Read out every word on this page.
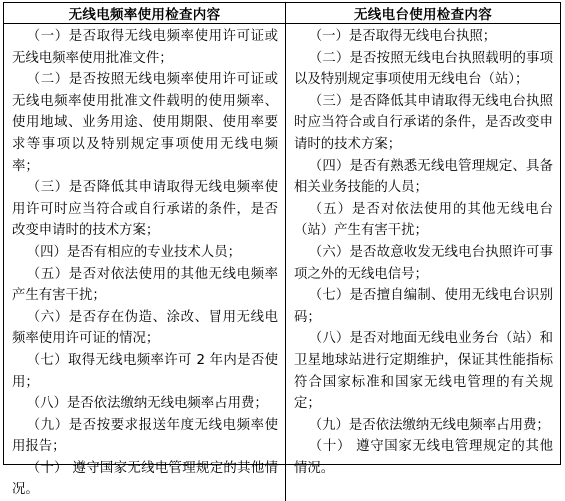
无线电频率使用检查内容	无线电台使用检查内容

（一）是否取得无线电频率使用许可证或无线电频率使用批准文件；

（二）是否按照无线电频率使用许可证或无线电频率使用批准文件载明的使用频率、使用地域、业务用途、使用期限、使用率要求等事项以及特别规定事项使用无线电频率；

（三）是否降低其申请取得无线电频率使用许可时应当符合或自行承诺的条件，是否改变申请时的技术方案；

（四）是否有相应的专业技术人员；

（五）是否对依法使用的其他无线电频率产生有害干扰；

（六）是否存在伪造、涂改、冒用无线电频率使用许可证的情况；

（七）取得无线电频率许可 2 年内是否使用；

（八）是否依法缴纳无线电频率占用费；

（九）是否按要求报送年度无线电频率使用报告；

（十） 遵守国家无线电管理规定的其他情况。

（一）是否取得无线电台执照；

（二）是否按照无线电台执照载明的事项以及特别规定事项使用无线电台（站）；

（三）是否降低其申请取得无线电台执照时应当符合或自行承诺的条件，是否改变申请时的技术方案；

（四）是否有熟悉无线电管理规定、具备相关业务技能的人员；

（五）是否对依法使用的其他无线电台（站）产生有害干扰；

（六）是否故意收发无线电台执照许可事项之外的无线电信号；

（七）是否擅自编制、使用无线电台识别码；

（八）是否对地面无线电业务台（站）和卫星地球站进行定期维护，保证其性能指标符合国家标准和国家无线电管理的有关规定；

（九）是否依法缴纳无线电频率占用费；

（十） 遵守国家无线电管理规定的其他情况。
